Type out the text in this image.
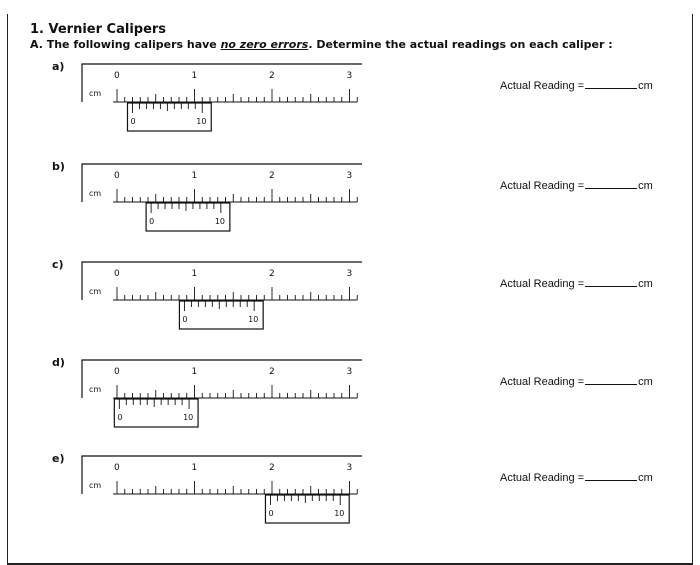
1. Vernier Calipers
A. The following calipers have no zero errors. Determine the actual readings on each caliper :
a)
Actual Reading =	cm
cm
0	1	2	3
0	10
b)
Actual Reading =	cm
cm
0	1	2	3
0	10
c)
Actual Reading =	cm
cm
0	1	2	3
0	10
d)
Actual Reading =	cm
cm
0	1	2	3
0	10
e)
Actual Reading =	cm
cm
0	1	2	3
0	10
